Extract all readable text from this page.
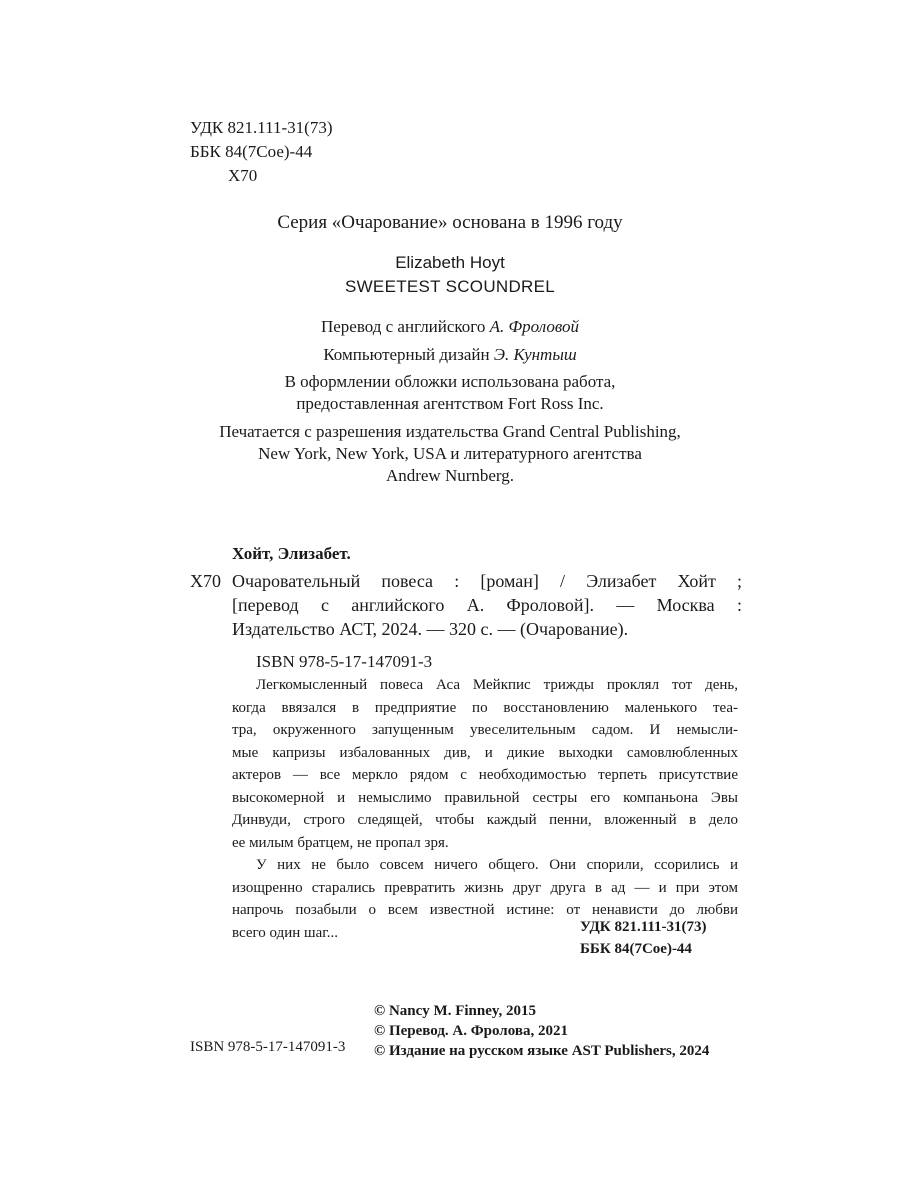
УДК 821.111-31(73)
ББК 84(7Сое)-44
Х70
Серия «Очарование» основана в 1996 году
Elizabeth Hoyt
SWEETEST SCOUNDREL
Перевод с английского А. Фроловой
Компьютерный дизайн Э. Кунтыш
В оформлении обложки использована работа,
предоставленная агентством Fort Ross Inc.
Печатается с разрешения издательства Grand Central Publishing,
New York, New York, USA и литературного агентства
Andrew Nurnberg.
Хойт, Элизабет.
Х70 Очаровательный повеса : [роман] / Элизабет Хойт ;
[перевод с английского А. Фроловой]. — Москва :
Издательство АСТ, 2024. — 320 с. — (Очарование).
ISBN 978-5-17-147091-3
Легкомысленный повеса Аса Мейкпис трижды проклял тот день,
когда ввязался в предприятие по восстановлению маленького теа-
тра, окруженного запущенным увеселительным садом. И немысли-
мые капризы избалованных див, и дикие выходки самовлюбленных
актеров — все меркло рядом с необходимостью терпеть присутствие
высокомерной и немыслимо правильной сестры его компаньона Эвы
Динвуди, строго следящей, чтобы каждый пенни, вложенный в дело
ее милым братцем, не пропал зря.
У них не было совсем ничего общего. Они спорили, ссорились и
изощренно старались превратить жизнь друг друга в ад — и при этом
напрочь позабыли о всем известной истине: от ненависти до любви
всего один шаг...	УДК 821.111-31(73)
ББК 84(7Сое)-44
ISBN 978-5-17-147091-3
© Nancy M. Finney, 2015
© Перевод. А. Фролова, 2021
© Издание на русском языке AST Publishers, 2024
